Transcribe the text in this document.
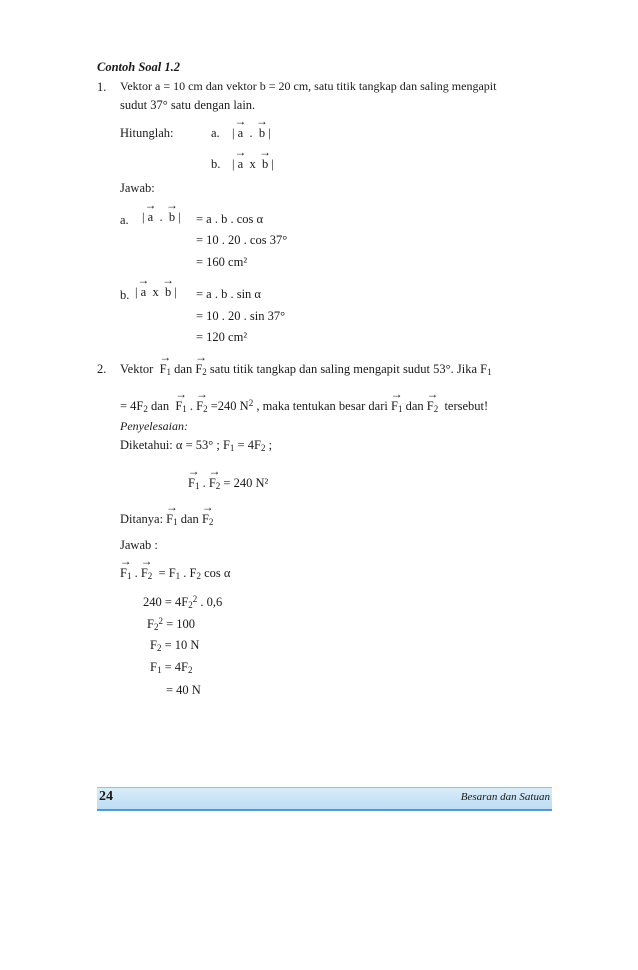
Contoh Soal 1.2
1. Vektor a = 10 cm dan vektor b = 20 cm, satu titik tangkap dan saling mengapit
sudut 37° satu dengan lain.
Hitunglah:	a. | → a  .  → b |
b. | → a  x  → b |
Jawab:
a. | → a  .  → b | = a . b . cos α
= 10 . 20 . cos 37°
= 160 cm²
b. | → a  x  → b | = a . b . sin α
= 10 . 20 . sin 37°
= 120 cm²
2. Vektor → $F_1$ dan → $F_2$ satu titik tangkap dan saling mengapit sudut 53°. Jika $F_1$
= $4F_2$ dan → $F_1$ . → $F_2 =240$ $N^2$ , maka tentukan besar dari → $F_1$ dan → $F_2$ tersebut!
Penyelesaian:
Diketahui: α = 53° ; $F_1 = 4F_2$ ;
→ $F_1$ . → $F_2 = 240$ N²
Ditanya: → $F_1$ dan → $F_2$
Jawab :
→ $F_1$ . → $F_2 = F_1$ . $F_2$ cos α
$240 = 4F_2^2$ . 0,6
$F_2^2 = 100$
$F_2 = 10$ N
$F_1 = 4F_2$
= 40 N
24	Besaran dan Satuan
